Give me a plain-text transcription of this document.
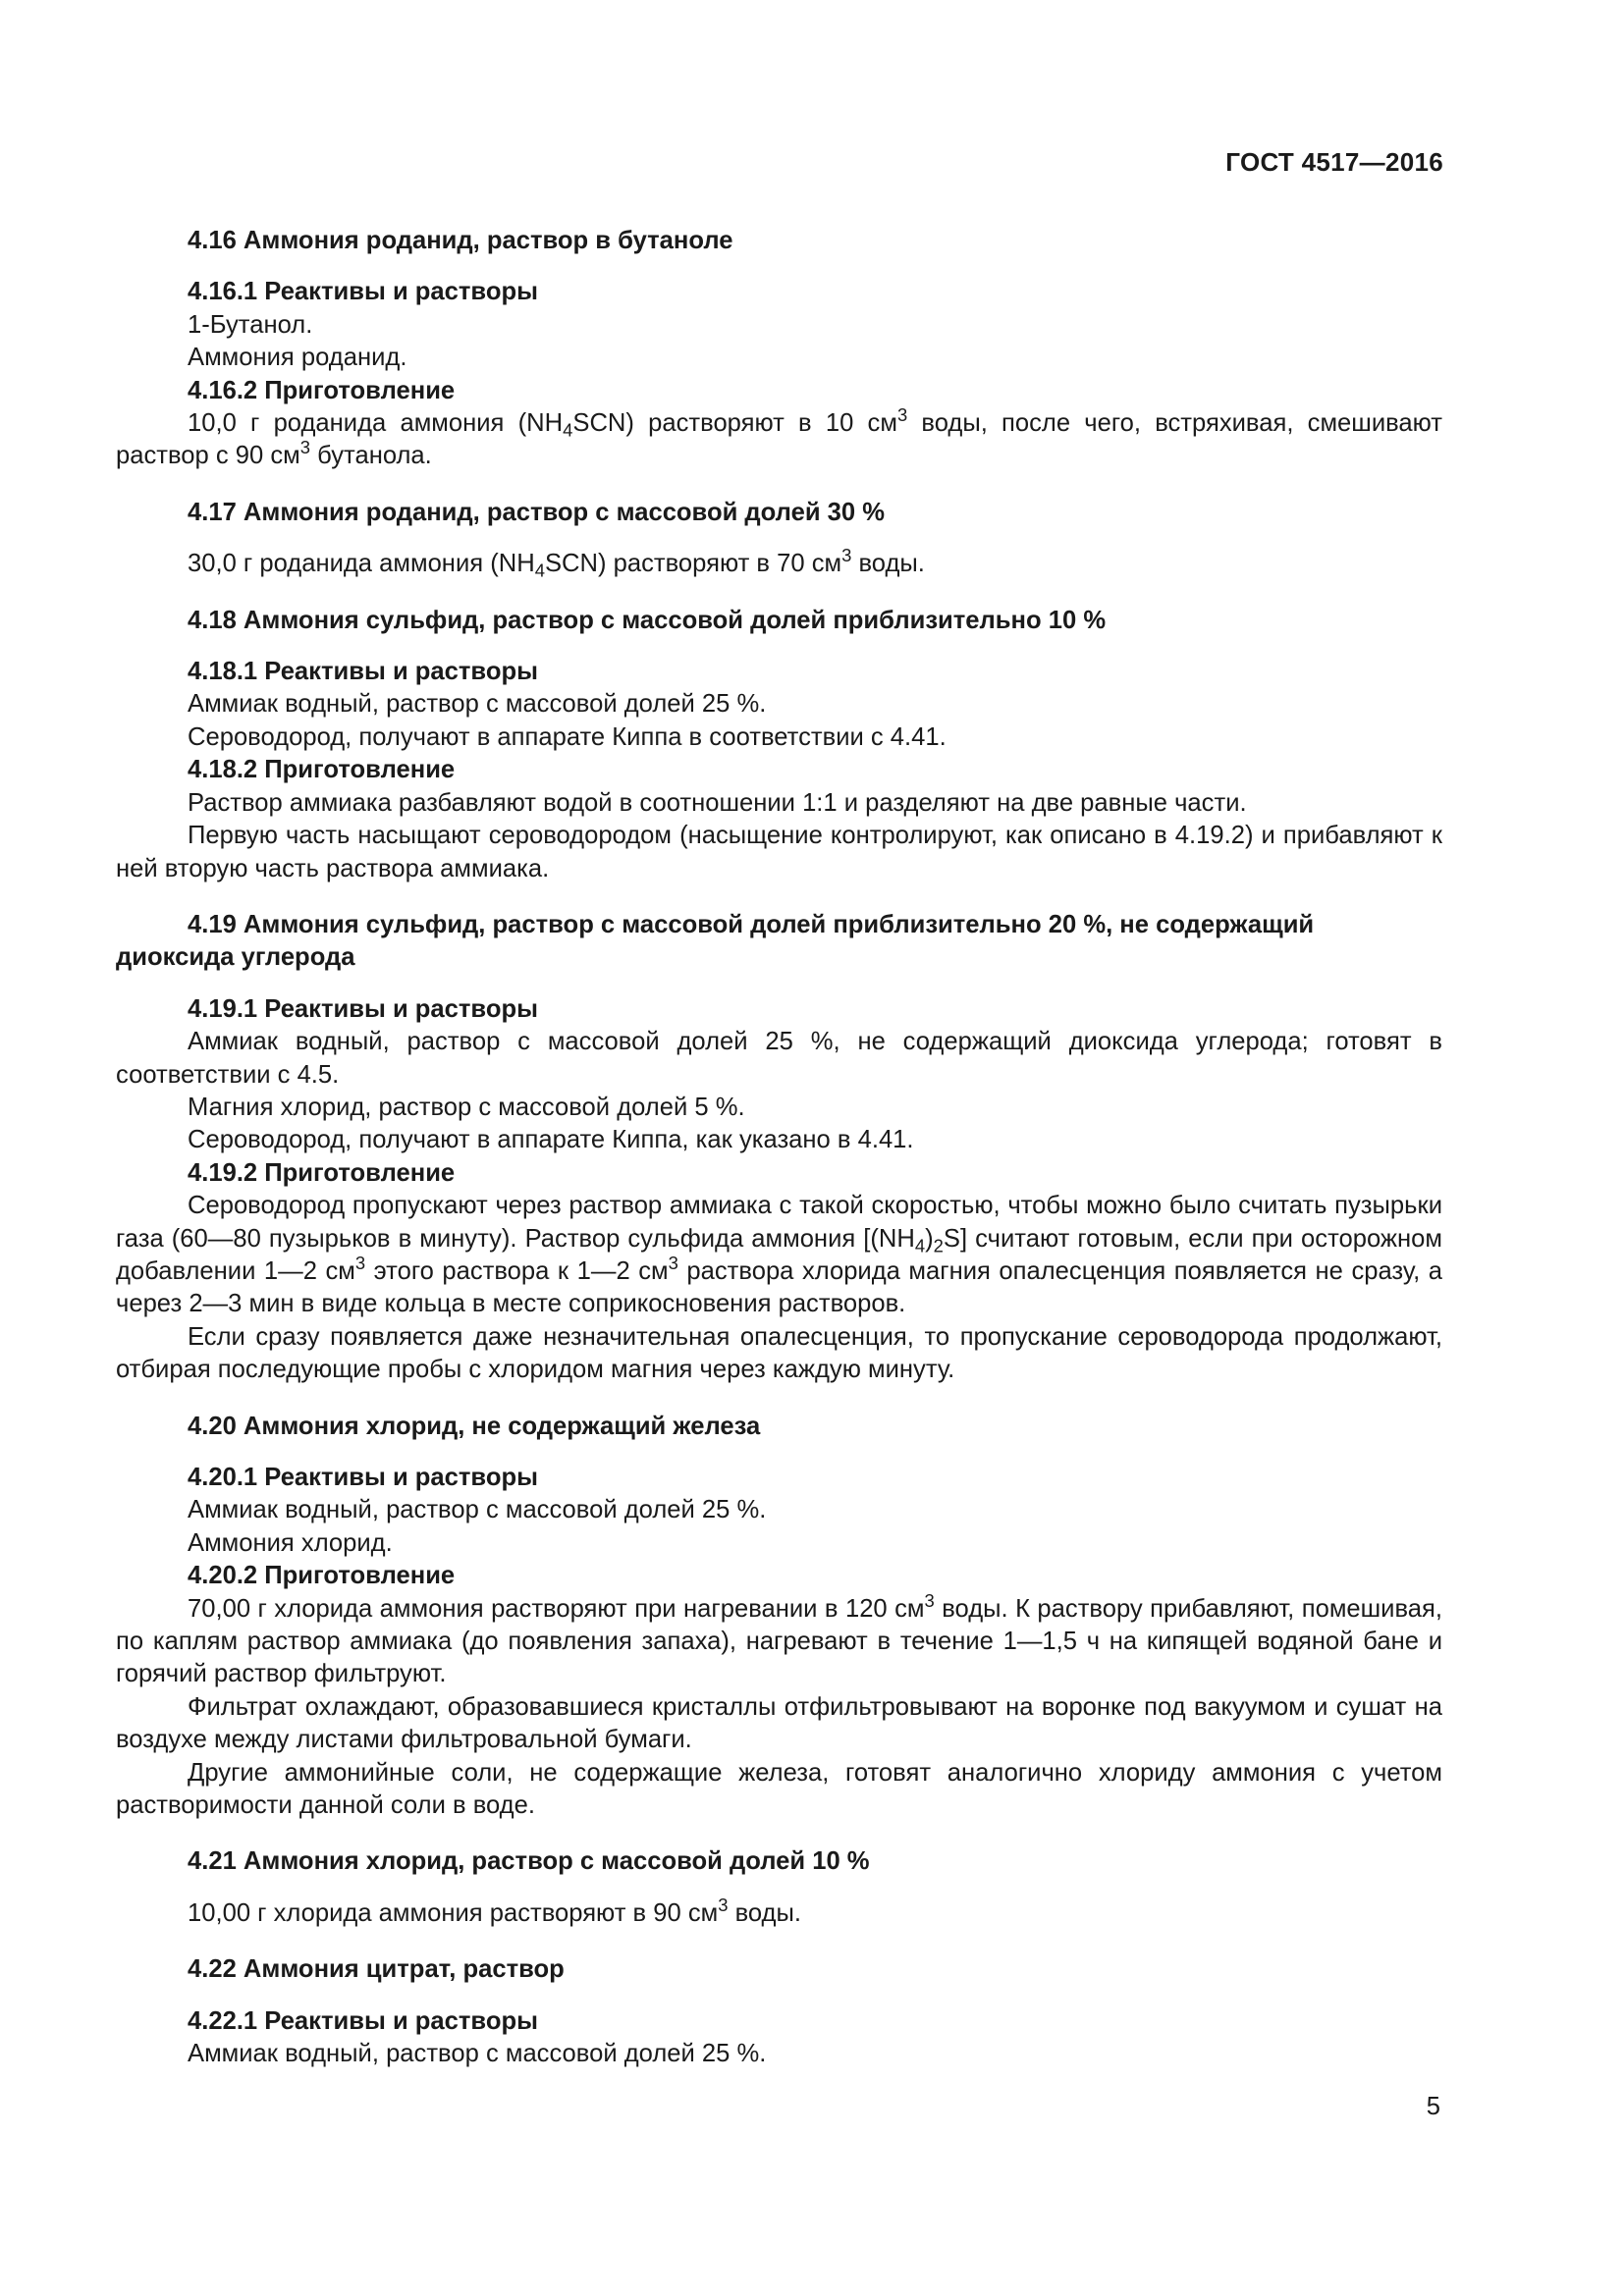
ГОСТ 4517—2016
4.16 Аммония роданид, раствор в бутаноле
4.16.1 Реактивы и растворы

1-Бутанол.

Аммония роданид.

4.16.2 Приготовление

10,0 г роданида аммония $(NH_4SCN)$ растворяют в 10 $см^3$ воды, после чего, встряхивая, смешивают раствор с 90 $см^3$ бутанола.

4.17 Аммония роданид, раствор с массовой долей 30 %

30,0 г роданида аммония $(NH_4SCN)$ растворяют в 70 $см^3$ воды.

4.18 Аммония сульфид, раствор с массовой долей приблизительно 10 %
4.18.1 Реактивы и растворы

Аммиак водный, раствор с массовой долей 25 %.

Сероводород, получают в аппарате Киппа в соответствии с 4.41.

4.18.2 Приготовление

Раствор аммиака разбавляют водой в соотношении 1:1 и разделяют на две равные части.

Первую часть насыщают сероводородом (насыщение контролируют, как описано в 4.19.2) и прибавляют к ней вторую часть раствора аммиака.

4.19 Аммония сульфид, раствор с массовой долей приблизительно 20 %, не содержащий
диоксида углерода
4.19.1 Реактивы и растворы

Аммиак водный, раствор с массовой долей 25 %, не содержащий диоксида углерода; готовят в соответствии с 4.5.

Магния хлорид, раствор с массовой долей 5 %.

Сероводород, получают в аппарате Киппа, как указано в 4.41.

4.19.2 Приготовление

Сероводород пропускают через раствор аммиака с такой скоростью, чтобы можно было считать пузырьки газа (60—80 пузырьков в минуту). Раствор сульфида аммония $[(NH_4)_2S]$ считают готовым, если при осторожном добавлении 1—2 $см^3$ этого раствора к 1—2 $см^3$ раствора хлорида магния опалесценция появляется не сразу, а через 2—3 мин в виде кольца в месте соприкосновения растворов.

Если сразу появляется даже незначительная опалесценция, то пропускание сероводорода продолжают, отбирая последующие пробы с хлоридом магния через каждую минуту.

4.20 Аммония хлорид, не содержащий железа
4.20.1 Реактивы и растворы

Аммиак водный, раствор с массовой долей 25 %.

Аммония хлорид.

4.20.2 Приготовление

70,00 г хлорида аммония растворяют при нагревании в 120 $см^3$ воды. К раствору прибавляют, помешивая, по каплям раствор аммиака (до появления запаха), нагревают в течение 1—1,5 ч на кипящей водяной бане и горячий раствор фильтруют.

Фильтрат охлаждают, образовавшиеся кристаллы отфильтровывают на воронке под вакуумом и сушат на воздухе между листами фильтровальной бумаги.

Другие аммонийные соли, не содержащие железа, готовят аналогично хлориду аммония с учетом растворимости данной соли в воде.

4.21 Аммония хлорид, раствор с массовой долей 10 %

10,00 г хлорида аммония растворяют в 90 $см^3$ воды.

4.22 Аммония цитрат, раствор
4.22.1 Реактивы и растворы

Аммиак водный, раствор с массовой долей 25 %.

5
